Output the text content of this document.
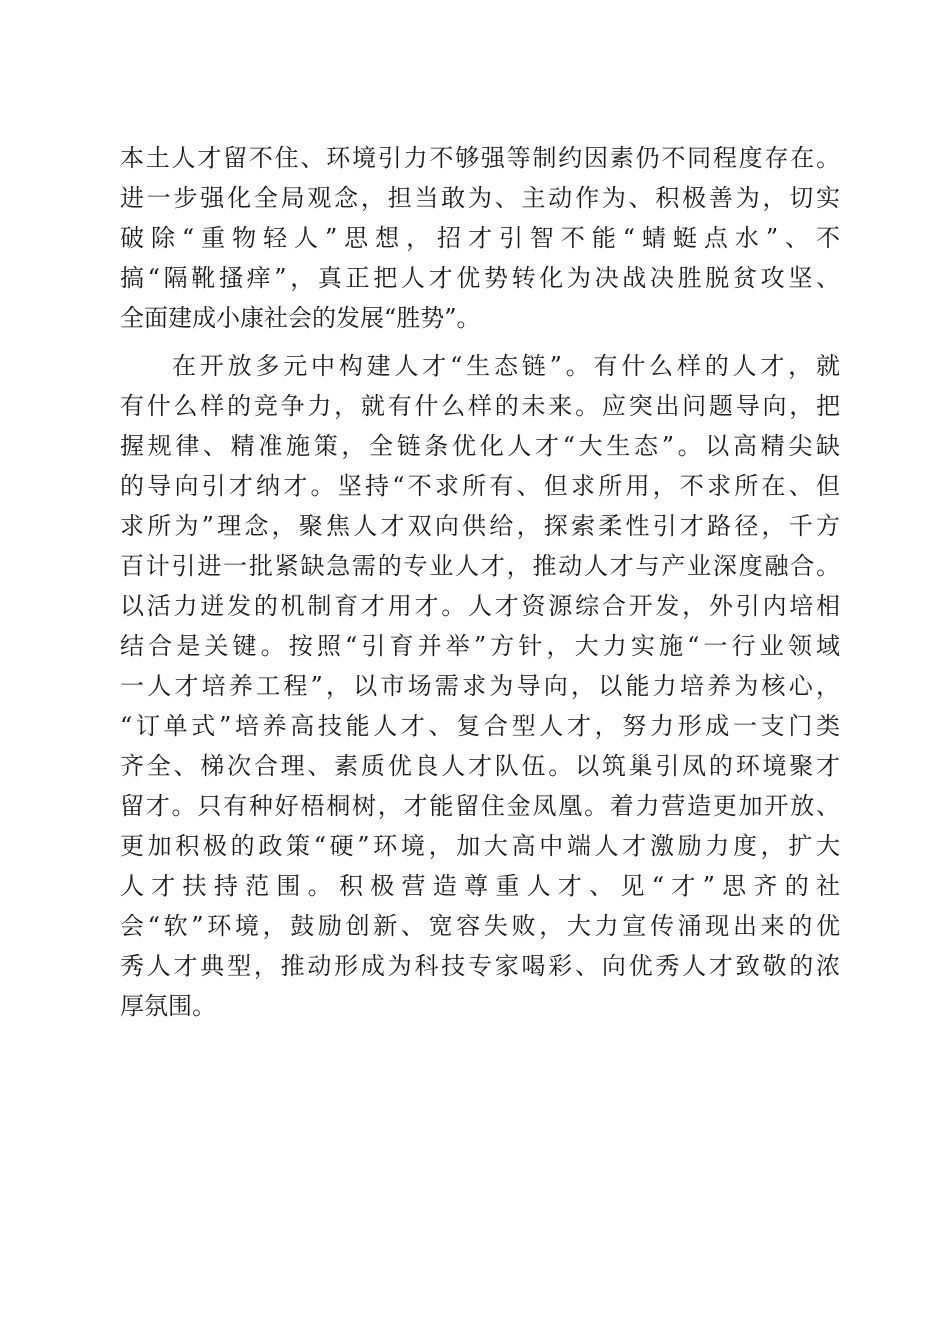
本土人才留不住、环境引力不够强等制约因素仍不同程度存在。
进一步强化全局观念，担当敢为、主动作为、积极善为，切实
破除“重物轻人”思想，招才引智不能“蜻蜓点水”、不
搞“隔靴搔痒”，真正把人才优势转化为决战决胜脱贫攻坚、
全面建成小康社会的发展“胜势”。
在开放多元中构建人才“生态链”。有什么样的人才，就
有什么样的竞争力，就有什么样的未来。应突出问题导向，把
握规律、精准施策，全链条优化人才“大生态”。以高精尖缺
的导向引才纳才。坚持“不求所有、但求所用，不求所在、但
求所为”理念，聚焦人才双向供给，探索柔性引才路径，千方
百计引进一批紧缺急需的专业人才，推动人才与产业深度融合。
以活力迸发的机制育才用才。人才资源综合开发，外引内培相
结合是关键。按照“引育并举”方针，大力实施“一行业领域
一人才培养工程”，以市场需求为导向，以能力培养为核心，
“订单式”培养高技能人才、复合型人才，努力形成一支门类
齐全、梯次合理、素质优良人才队伍。以筑巢引凤的环境聚才
留才。只有种好梧桐树，才能留住金凤凰。着力营造更加开放、
更加积极的政策“硬”环境，加大高中端人才激励力度，扩大
人才扶持范围。积极营造尊重人才、见“才”思齐的社
会“软”环境，鼓励创新、宽容失败，大力宣传涌现出来的优
秀人才典型，推动形成为科技专家喝彩、向优秀人才致敬的浓
厚氛围。
